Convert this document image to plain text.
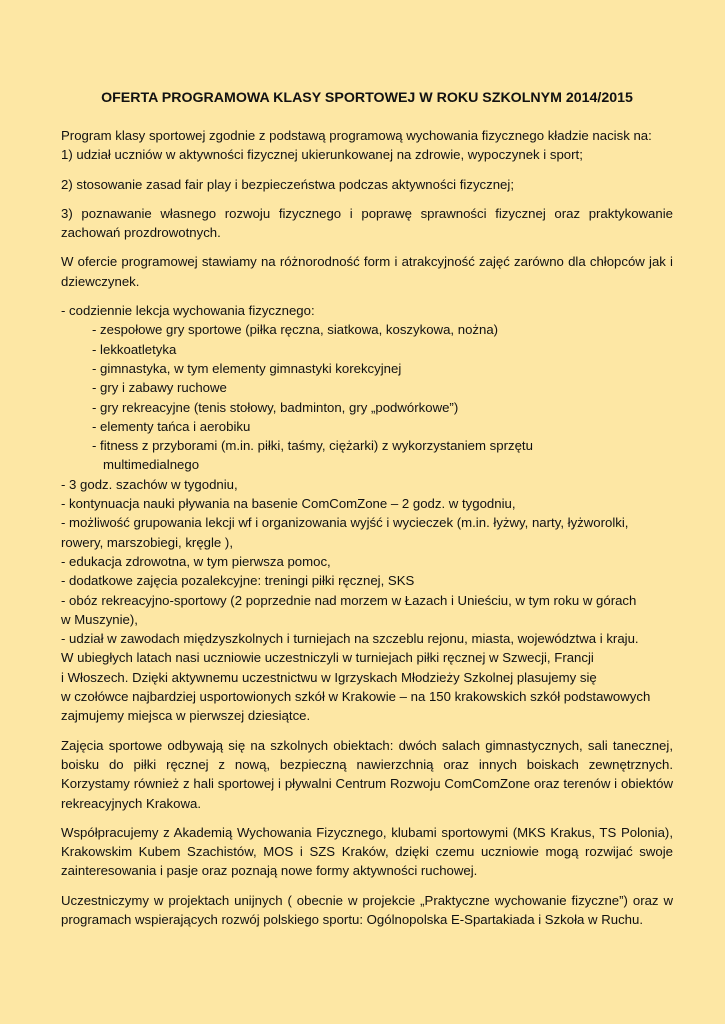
OFERTA PROGRAMOWA KLASY SPORTOWEJ W ROKU SZKOLNYM 2014/2015

Program klasy sportowej zgodnie z podstawą programową wychowania fizycznego kładzie nacisk na:

1) udział uczniów w aktywności fizycznej ukierunkowanej na zdrowie, wypoczynek i sport;

2) stosowanie zasad fair play i bezpieczeństwa podczas aktywności fizycznej;

3) poznawanie własnego rozwoju fizycznego i poprawę sprawności fizycznej oraz praktykowanie zachowań prozdrowotnych.

W ofercie programowej stawiamy na różnorodność form i atrakcyjność zajęć zarówno dla chłopców jak i dziewczynek.

- codziennie lekcja wychowania fizycznego:

- zespołowe gry sportowe (piłka ręczna, siatkowa, koszykowa, nożna)

- lekkoatletyka

- gimnastyka, w tym elementy gimnastyki korekcyjnej

- gry i zabawy ruchowe

- gry rekreacyjne (tenis stołowy, badminton, gry „podwórkowe”)

- elementy tańca i aerobiku

- fitness z przyborami (m.in. piłki, taśmy, ciężarki) z wykorzystaniem sprzętu

multimedialnego

- 3 godz. szachów w tygodniu,

- kontynuacja nauki pływania na basenie ComComZone – 2 godz. w tygodniu,

- możliwość grupowania lekcji wf i organizowania wyjść i wycieczek (m.in. łyżwy, narty, łyżworolki,

rowery, marszobiegi, kręgle ),

- edukacja zdrowotna, w tym pierwsza pomoc,

- dodatkowe zajęcia pozalekcyjne: treningi piłki ręcznej, SKS

- obóz rekreacyjno-sportowy (2 poprzednie nad morzem w Łazach i Unieściu, w tym roku w górach

w Muszynie),

- udział w zawodach międzyszkolnych i turniejach na szczeblu rejonu, miasta, województwa i kraju.

W ubiegłych latach nasi uczniowie uczestniczyli w turniejach piłki ręcznej w Szwecji, Francji

i Włoszech. Dzięki aktywnemu uczestnictwu w Igrzyskach Młodzieży Szkolnej plasujemy się

w czołówce najbardziej usportowionych szkół w Krakowie – na 150 krakowskich szkół podstawowych

zajmujemy miejsca w pierwszej dziesiątce.

Zajęcia sportowe odbywają się na szkolnych obiektach: dwóch salach gimnastycznych, sali tanecznej, boisku do piłki ręcznej z nową, bezpieczną nawierzchnią oraz innych boiskach zewnętrznych. Korzystamy również z hali sportowej i pływalni Centrum Rozwoju ComComZone oraz terenów i obiektów rekreacyjnych Krakowa.

Współpracujemy z Akademią Wychowania Fizycznego, klubami sportowymi (MKS Krakus, TS Polonia), Krakowskim Kubem Szachistów, MOS i SZS Kraków, dzięki czemu uczniowie mogą rozwijać swoje zainteresowania i pasje oraz poznają nowe formy aktywności ruchowej.

Uczestniczymy w projektach unijnych ( obecnie w projekcie „Praktyczne wychowanie fizyczne”) oraz w programach wspierających rozwój polskiego sportu: Ogólnopolska E-Spartakiada i Szkoła w Ruchu.
